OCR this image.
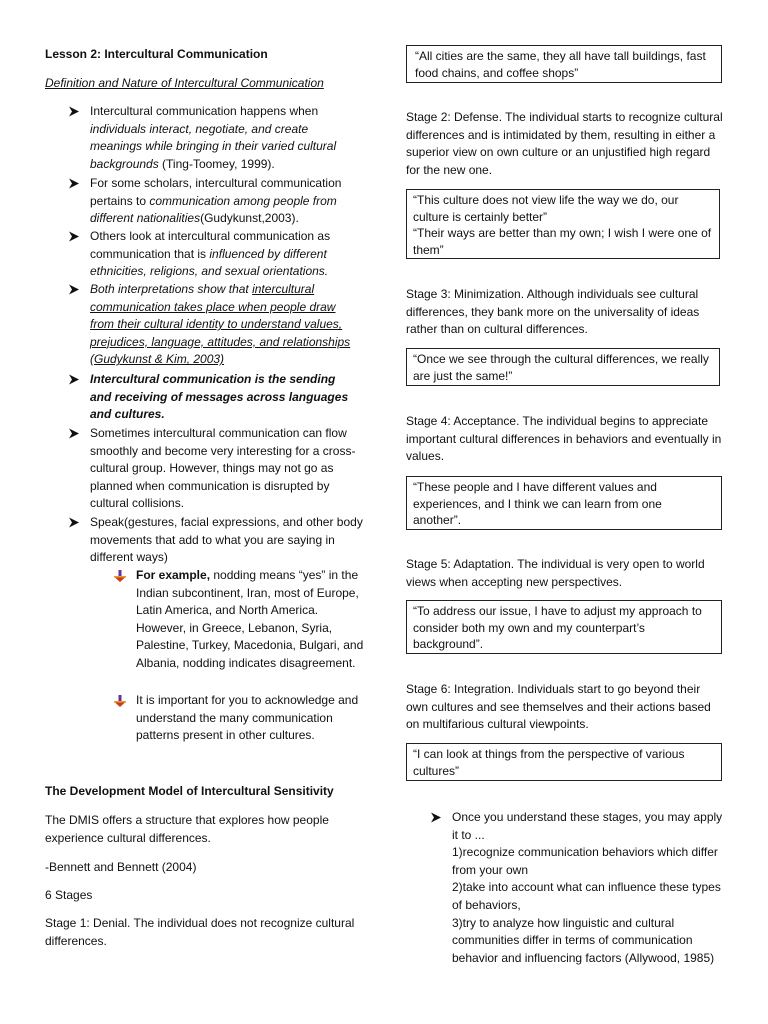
Lesson 2: Intercultural Communication
Definition and Nature of Intercultural Communication
Intercultural communication happens when individuals interact, negotiate, and create meanings while bringing in their varied cultural backgrounds (Ting-Toomey, 1999).
For some scholars, intercultural communication pertains to communication among people from different nationalities(Gudykunst,2003).
Others look at intercultural communication as communication that is influenced by different ethnicities, religions, and sexual orientations.
Both interpretations show that intercultural communication takes place when people draw from their cultural identity to understand values, prejudices, language, attitudes, and relationships (Gudykunst & Kim, 2003)
Intercultural communication is the sending and receiving of messages across languages and cultures.
Sometimes intercultural communication can flow smoothly and become very interesting for a cross-cultural group. However, things may not go as planned when communication is disrupted by cultural collisions.
Speak(gestures, facial expressions, and other body movements that add to what you are saying in different ways)
For example, nodding means “yes” in the Indian subcontinent, Iran, most of Europe, Latin America, and North America. However, in Greece, Lebanon, Syria, Palestine, Turkey, Macedonia, Bulgari, and Albania, nodding indicates disagreement.
It is important for you to acknowledge and understand the many communication patterns present in other cultures.
The Development Model of Intercultural Sensitivity
The DMIS offers a structure that explores how people experience cultural differences.
-Bennett and Bennett (2004)
6 Stages
Stage 1: Denial. The individual does not recognize cultural differences.

“All cities are the same, they all have tall buildings, fast food chains, and coffee shops”

Stage 2: Defense. The individual starts to recognize cultural differences and is intimidated by them, resulting in either a superior view on own culture or an unjustified high regard for the new one.

“This culture does not view life the way we do, our culture is certainly better”

“Their ways are better than my own; I wish I were one of them”

Stage 3: Minimization. Although individuals see cultural differences, they bank more on the universality of ideas rather than on cultural differences.

“Once we see through the cultural differences, we really are just the same!”

Stage 4: Acceptance. The individual begins to appreciate important cultural differences in behaviors and eventually in values.

“These people and I have different values and experiences, and I think we can learn from one another”.

Stage 5: Adaptation. The individual is very open to world views when accepting new perspectives.

“To address our issue, I have to adjust my approach to consider both my own and my counterpart’s background”.

Stage 6: Integration. Individuals start to go beyond their own cultures and see themselves and their actions based on multifarious cultural viewpoints.

“I can look at things from the perspective of various cultures”

Once you understand these stages, you may apply it to ...

1)recognize communication behaviors which differ from your own

2)take into account what can influence these types of behaviors,

3)try to analyze how linguistic and cultural communities differ in terms of communication behavior and influencing factors (Allywood, 1985)
